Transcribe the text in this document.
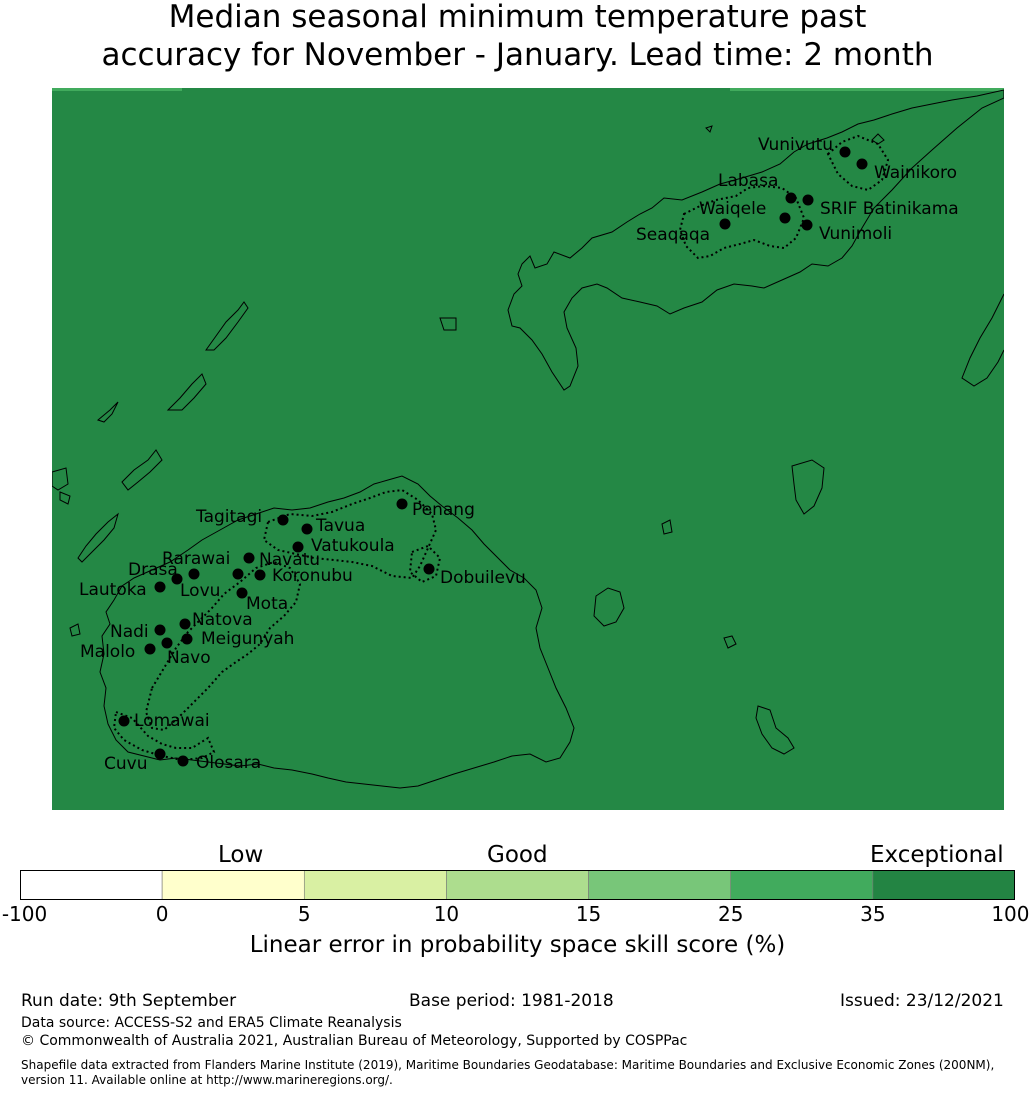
Median seasonal minimum temperature past
accuracy for November - January. Lead time: 2 month
Vunivutu
Wainikoro
Labasa
SRIF Batinikama
Waiqele
Seaqaqa	Vunimoli
Penang
Tagitagi	Tavua
Vatukoula
Dobuilevu
Rarawai Navatu
Drasa	Koronubu
Lautoka Lovu
Mota
Natova
Nadi	Meigunyah
Malolo Navo
Lomawai
Cuvu	Olosara
Low	Good	Exceptional
-100	0	5	10	15	25	35	100
Linear error in probability space skill score (%)
Run date: 9th September	Base period: 1981-2018	Issued: 23/12/2021
Data source: ACCESS-S2 and ERA5 Climate Reanalysis
© Commonwealth of Australia 2021, Australian Bureau of Meteorology, Supported by COSPPac
Shapefile data extracted from Flanders Marine Institute (2019), Maritime Boundaries Geodatabase: Maritime Boundaries and Exclusive Economic Zones (200NM), version 11. Available online at http://www.marineregions.org/.
